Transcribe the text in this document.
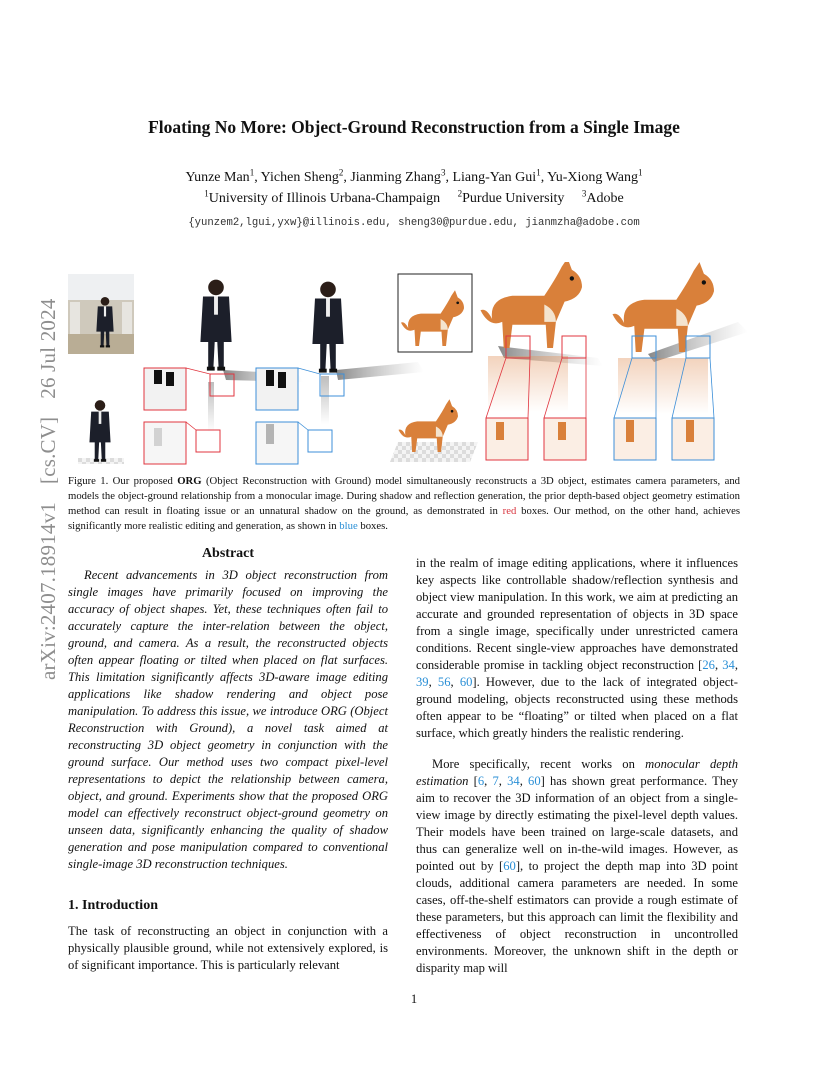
arXiv:2407.18914v1[cs.CV]26 Jul 2024
Floating No More: Object-Ground Reconstruction from a Single Image
Yunze Man$^1$, Yichen Sheng$^2$, Jianming Zhang$^3$, Liang-Yan Gui$^1$, Yu-Xiong Wang$^1$
$^1$University of Illinois Urbana-Champaign $^2$Purdue University $^3$Adobe
{yunzem2,lgui,yxw}@illinois.edu, sheng30@purdue.edu, jianmzha@adobe.com
Figure 1. Our proposed ORG (Object Reconstruction with Ground) model simultaneously reconstructs a 3D object, estimates camera parameters, and models the object-ground relationship from a monocular image. During shadow and reflection generation, the prior depth-based object geometry estimation method can result in floating issue or an unnatural shadow on the ground, as demonstrated in red boxes. Our method, on the other hand, achieves significantly more realistic editing and generation, as shown in blue boxes.
Abstract
Recent advancements in 3D object reconstruction from single images have primarily focused on improving the accuracy of object shapes. Yet, these techniques often fail to accurately capture the inter-relation between the object, ground, and camera. As a result, the reconstructed objects often appear floating or tilted when placed on flat surfaces. This limitation significantly affects 3D-aware image editing applications like shadow rendering and object pose manipulation. To address this issue, we introduce ORG (Object Reconstruction with Ground), a novel task aimed at reconstructing 3D object geometry in conjunction with the ground surface. Our method uses two compact pixel-level representations to depict the relationship between camera, object, and ground. Experiments show that the proposed ORG model can effectively reconstruct object-ground geometry on unseen data, significantly enhancing the quality of shadow generation and pose manipulation compared to conventional single-image 3D reconstruction techniques.
1. Introduction
The task of reconstructing an object in conjunction with a physically plausible ground, while not extensively explored, is of significant importance. This is particularly relevant
in the realm of image editing applications, where it influences key aspects like controllable shadow/reflection synthesis and object view manipulation. In this work, we aim at predicting an accurate and grounded representation of objects in 3D space from a single image, specifically under unrestricted camera conditions. Recent single-view approaches have demonstrated considerable promise in tackling object reconstruction [26, 34, 39, 56, 60]. However, due to the lack of integrated object-ground modeling, objects reconstructed using these methods often appear to be “floating” or tilted when placed on a flat surface, which greatly hinders the realistic rendering.
More specifically, recent works on monocular depth estimation [6, 7, 34, 60] has shown great performance. They aim to recover the 3D information of an object from a single-view image by directly estimating the pixel-level depth values. Their models have been trained on large-scale datasets, and thus can generalize well on in-the-wild images. However, as pointed out by [60], to project the depth map into 3D point clouds, additional camera parameters are needed. In some cases, off-the-shelf estimators can provide a rough estimate of these parameters, but this approach can limit the flexibility and effectiveness of object reconstruction in uncontrolled environments. Moreover, the unknown shift in the depth or disparity map will
1
